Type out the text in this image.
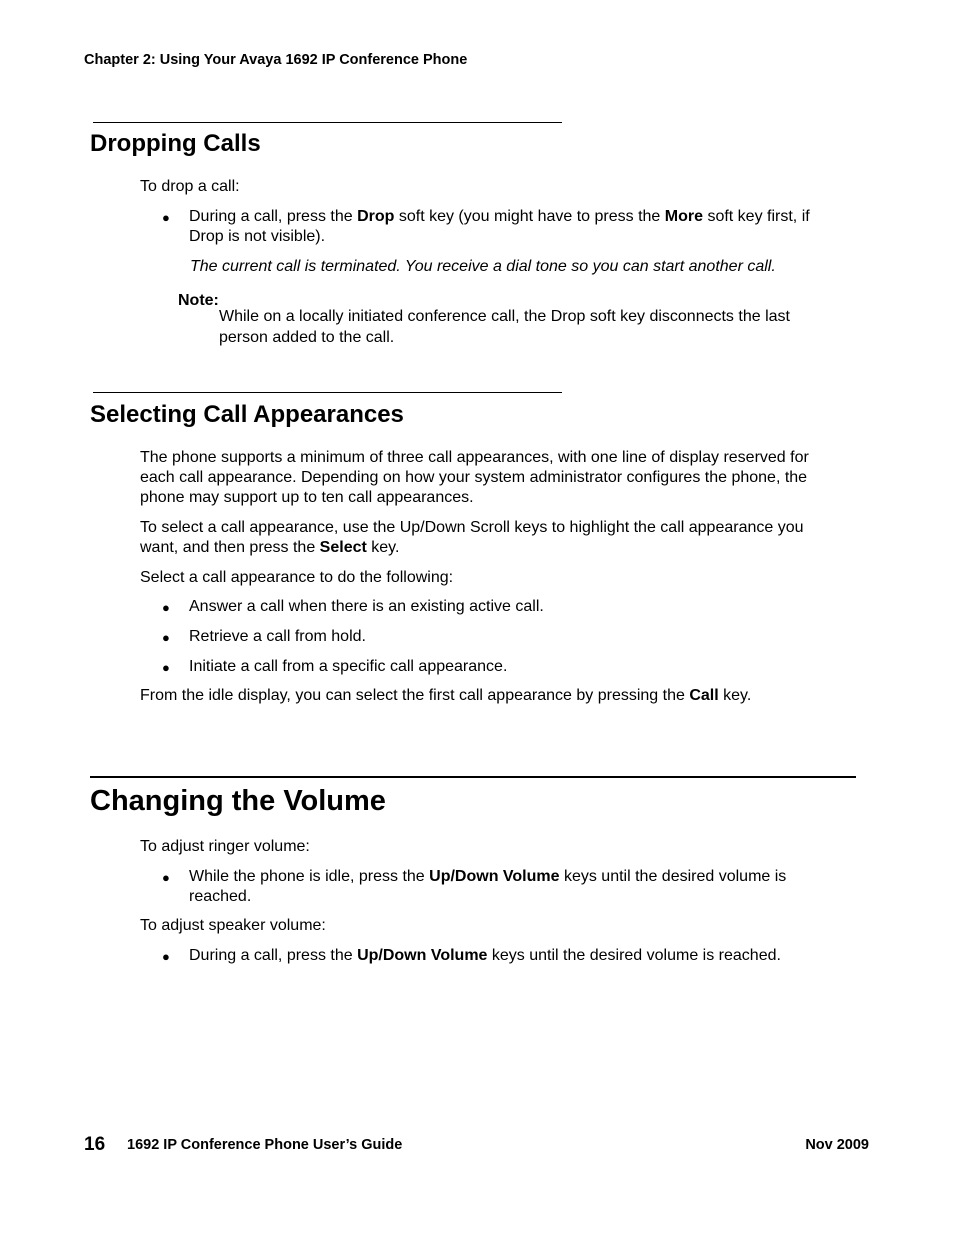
Chapter 2: Using Your Avaya 1692 IP Conference Phone
Dropping Calls
To drop a call:
● During a call, press the Drop soft key (you might have to press the More soft key first, if
Drop is not visible).
The current call is terminated. You receive a dial tone so you can start another call.
Note:
While on a locally initiated conference call, the Drop soft key disconnects the last
person added to the call.
Selecting Call Appearances
The phone supports a minimum of three call appearances, with one line of display reserved for
each call appearance. Depending on how your system administrator configures the phone, the
phone may support up to ten call appearances.
To select a call appearance, use the Up/Down Scroll keys to highlight the call appearance you
want, and then press the Select key.
Select a call appearance to do the following:
● Answer a call when there is an existing active call.
● Retrieve a call from hold.
● Initiate a call from a specific call appearance.
From the idle display, you can select the first call appearance by pressing the Call key.
Changing the Volume
To adjust ringer volume:
● While the phone is idle, press the Up/Down Volume keys until the desired volume is
reached.
To adjust speaker volume:
● During a call, press the Up/Down Volume keys until the desired volume is reached.
16 1692 IP Conference Phone User’s Guide	Nov 2009
